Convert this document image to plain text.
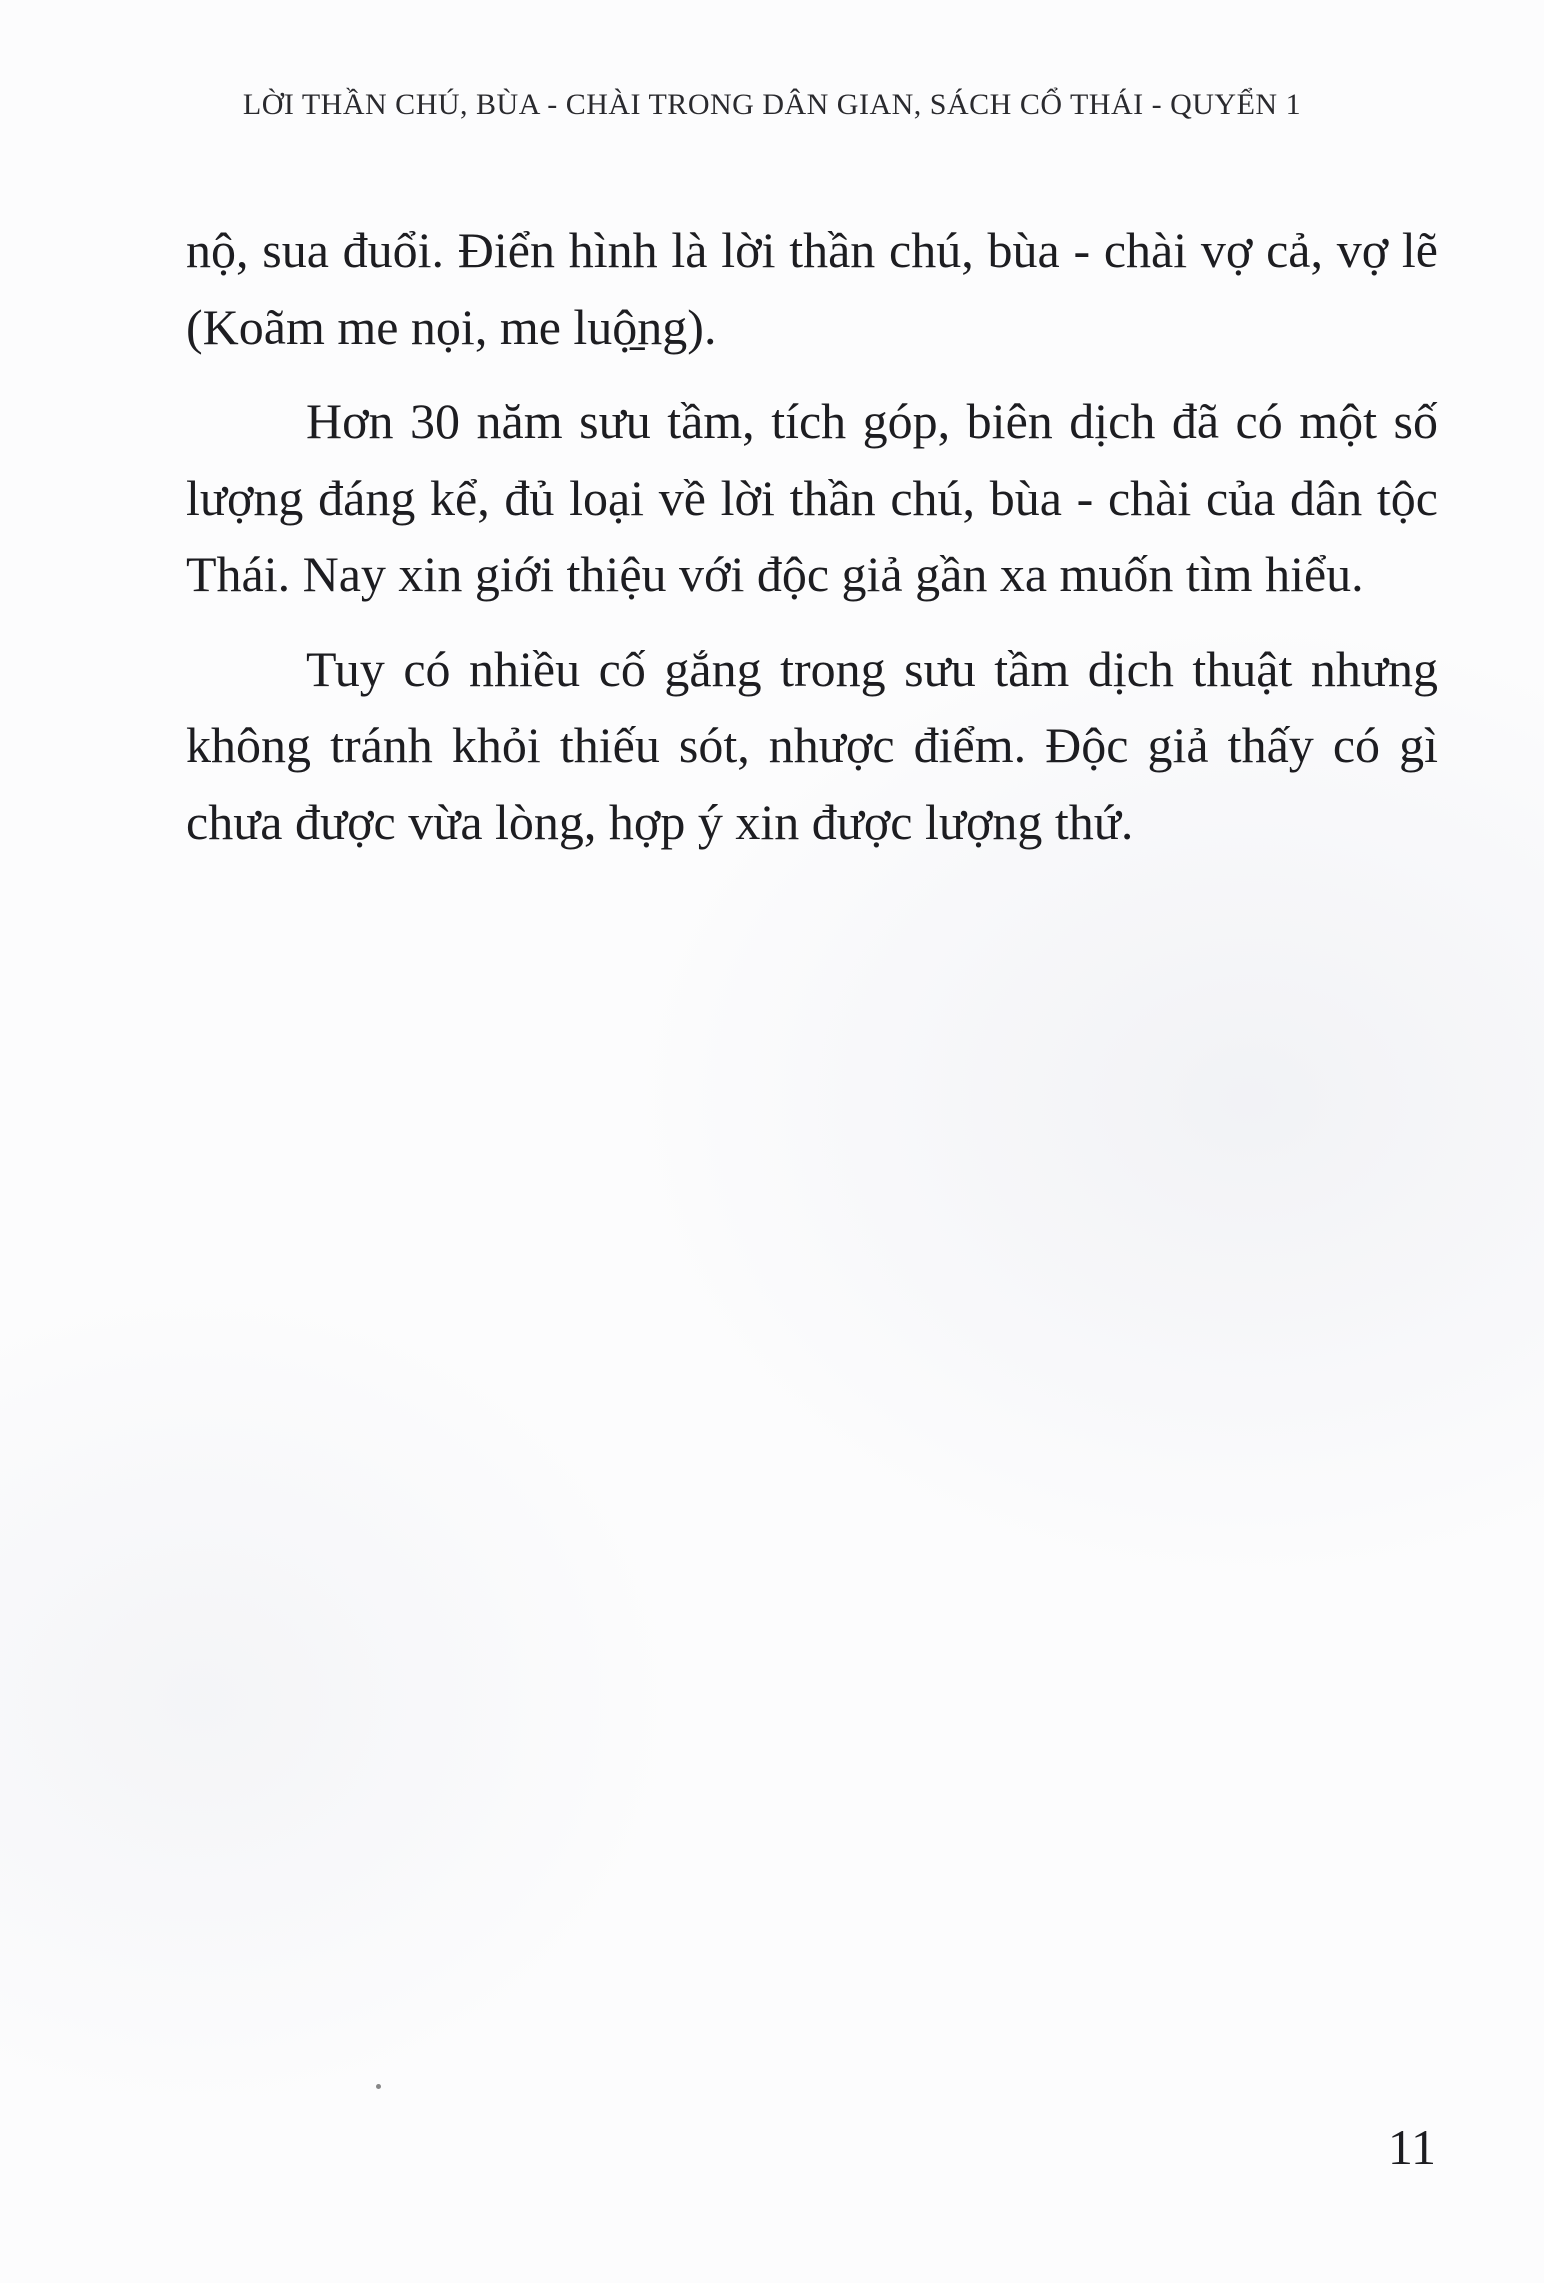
LỜI THẦN CHÚ, BÙA - CHÀI TRONG DÂN GIAN, SÁCH CỔ THÁI - QUYỂN 1

nộ, sua đuổi. Điển hình là lời thần chú, bùa - chài vợ cả, vợ lẽ (Koãm me nọi, me luộ̱ng).

Hơn 30 năm sưu tầm, tích góp, biên dịch đã có một số lượng đáng kể, đủ loại về lời thần chú, bùa - chài của dân tộc Thái. Nay xin giới thiệu với độc giả gần xa muốn tìm hiểu.

Tuy có nhiều cố gắng trong sưu tầm dịch thuật nhưng không tránh khỏi thiếu sót, nhược điểm. Độc giả thấy có gì chưa được vừa lòng, hợp ý xin được lượng thứ.

11
